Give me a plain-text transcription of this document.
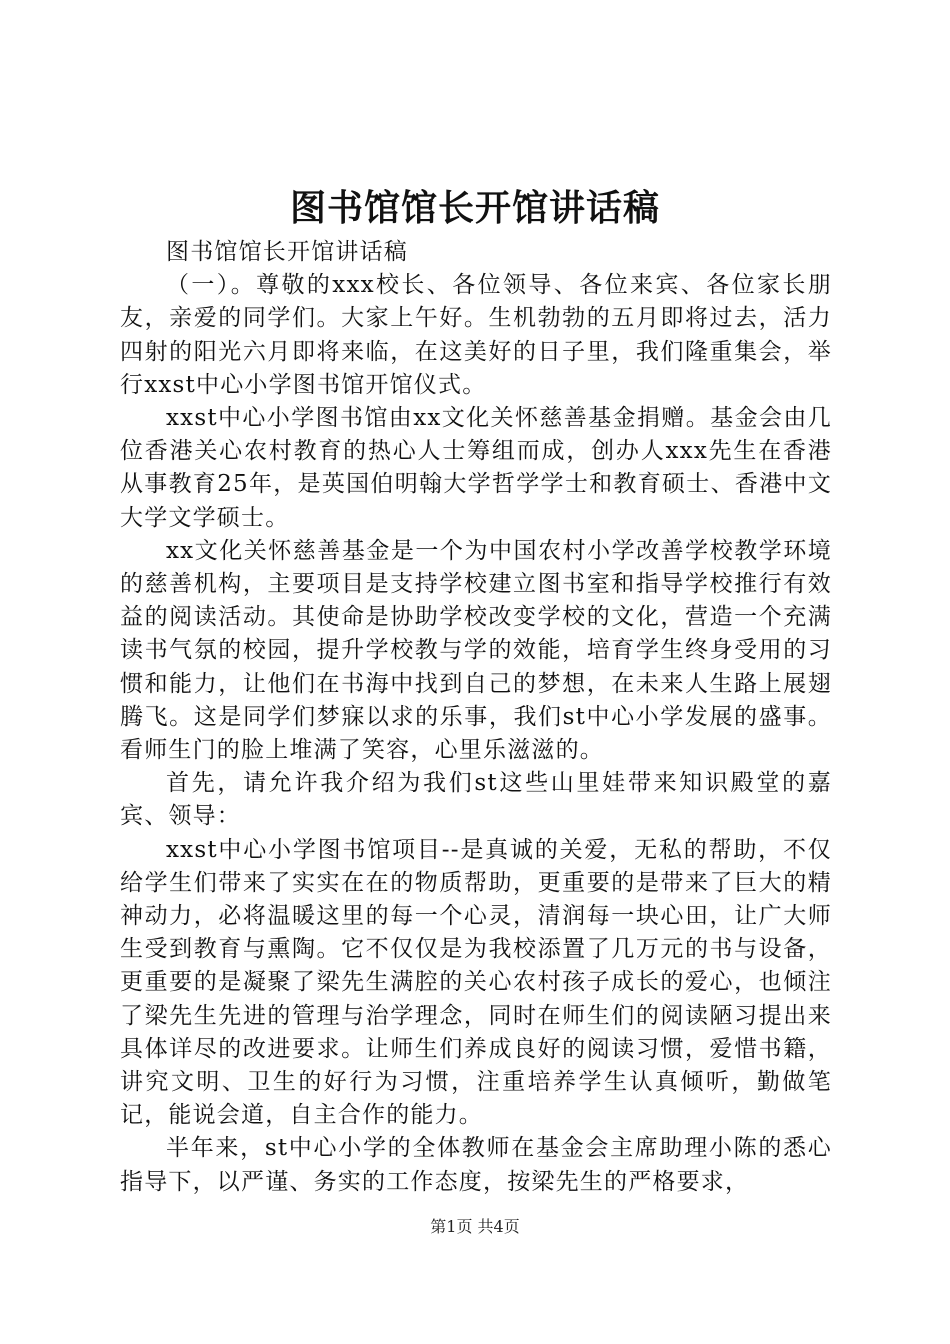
图书馆馆长开馆讲话稿

图书馆馆长开馆讲话稿

（一）。尊敬的xxx校长、各位领导、各位来宾、各位家长朋友，亲爱的同学们。大家上午好。生机勃勃的五月即将过去，活力四射的阳光六月即将来临，在这美好的日子里，我们隆重集会，举行xxst中心小学图书馆开馆仪式。

xxst中心小学图书馆由xx文化关怀慈善基金捐赠。基金会由几位香港关心农村教育的热心人士筹组而成，创办人xxx先生在香港从事教育25年，是英国伯明翰大学哲学学士和教育硕士、香港中文大学文学硕士。

xx文化关怀慈善基金是一个为中国农村小学改善学校教学环境的慈善机构，主要项目是支持学校建立图书室和指导学校推行有效益的阅读活动。其使命是协助学校改变学校的文化，营造一个充满读书气氛的校园，提升学校教与学的效能，培育学生终身受用的习惯和能力，让他们在书海中找到自己的梦想，在未来人生路上展翅腾飞。这是同学们梦寐以求的乐事，我们st中心小学发展的盛事。看师生门的脸上堆满了笑容，心里乐滋滋的。

首先，请允许我介绍为我们st这些山里娃带来知识殿堂的嘉宾、领导：

xxst中心小学图书馆项目--是真诚的关爱，无私的帮助，不仅给学生们带来了实实在在的物质帮助，更重要的是带来了巨大的精神动力，必将温暖这里的每一个心灵，清润每一块心田，让广大师生受到教育与熏陶。它不仅仅是为我校添置了几万元的书与设备，更重要的是凝聚了梁先生满腔的关心农村孩子成长的爱心，也倾注了梁先生先进的管理与治学理念，同时在师生们的阅读陋习提出来具体详尽的改进要求。让师生们养成良好的阅读习惯，爱惜书籍，讲究文明、卫生的好行为习惯，注重培养学生认真倾听，勤做笔记，能说会道，自主合作的能力。

半年来，st中心小学的全体教师在基金会主席助理小陈的悉心指导下，以严谨、务实的工作态度，按梁先生的严格要求，

第1页 共4页
